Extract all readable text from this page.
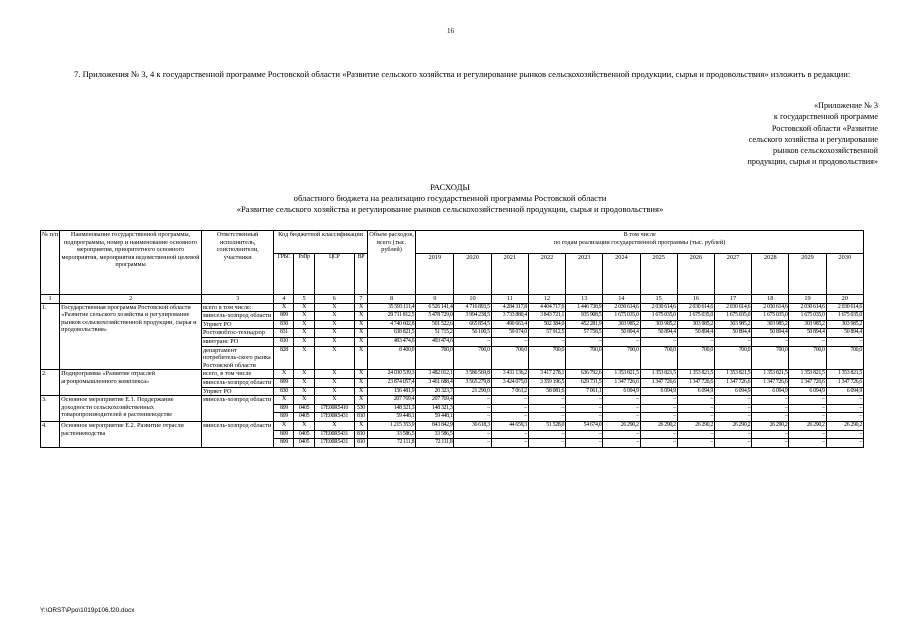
16
7. Приложения № 3, 4 к государственной программе Ростовской области «Развитие сельского хозяйства и регулирование рынков сельскохозяйственной продукции, сырья и продовольствия» изложить в редакции:
«Приложение № 3
к государственной программе
Ростовской области «Развитие
сельского хозяйства и регулирование
рынков сельскохозяйственной
продукции, сырья и продовольствия»
РАСХОДЫ
областного бюджета на реализацию государственной программы Ростовской области
«Развитие сельского хозяйства и регулирование рынков сельскохозяйственной продукции, сырья и продовольствия»
№ п/п	Наименование государственной программы, подпрограммы, номер и наименование основного мероприятия, приоритетного основного мероприятия, мероприятия ведомственной целевой программы	Ответственный исполнитель, соисполнители, участники	Код бюджетной классификации				Объем расходов, всего (тыс. рублей)	В том числе
по годам реализации государственной программы (тыс. рублей)											

			ГРБС	РзПр	ЦСР	ВР		2019	2020	2021	2022	2023	2024	2025	2026	2027	2028	2029	2030
1	2	3	4	5	6	7	8	9	10	11	12	13	14	15	16	17	18	19	20
1.	Государственная программа Ростовской области «Развитие сельского хозяйства и регулирование рынков сельскохозяйственной продукции, сырья и продовольствия»	всего в том числе:	X	X	X	X	35 593 111,4	6 526 141,4	4 716 893,5	4 284 317,8	4 404 717,6	1 446 738,9	2 030 614,6	2 030 614,6	2 030 614,6	2 030 614,6	2 030 614,6	2 030 614,6	2 030 614,6
		минсель-хозпрод области	809	X	X	X	29 711 812,5	5 478 729,0	3 994 238,5	3 733 880,4	3 843 721,1	935 908,5	1 675 035,0	1 675 035,0	1 675 035,0	1 675 035,0	1 675 035,0	1 675 035,0	1 675 035,0
		Упрвет РО	830	X	X	X	4 740 602,8	501 522,6	665 854,5	490 663,4	502 384,0	452 281,9	303 985,2	303 985,2	303 985,2	303 985,2	303 985,2	303 985,2	303 985,2
		Ростовобгос-технадзор	831	X	X	X	638 821,5	51 715,2	56 100,5	59 074,0	57 912,5	57 758,5	50 894,4	50 894,4	50 894,4	50 894,4	50 894,4	50 894,4	50 894,4
		минтранс РО	810	X	X	X	493 474,6	493 474,6	–	–	–	–	–	–	–	–	–	–	–
		департамент потребитель-ского рынка Ростовской области	828	X	X	X	8 400,0	700,0	700,0	700,0	700,0	700,0	700,0	700,0	700,0	700,0	700,0	700,0	700,0
2.	Подпрограмма «Развитие отраслей агропромышленного комплекса»	всего, в том числе	X	X	X	X	24 030 539,3	3 482 012,1	3 586 569,8	3 431 136,2	3 417 278,1	636 792,6	1 353 821,5	1 353 821,5	1 353 821,5	1 353 821,5	1 353 821,5	1 353 821,5	1 353 821,5
		минсель-хозпрод области	809	X	X	X	23 874 057,4	3 461 688,4	3 565 279,8	3 424 075,0	3 359 196,5	629 731,5	1 347 726,6	1 347 726,6	1 347 726,6	1 347 726,6	1 347 726,6	1 347 726,6	1 347 726,6
		Упрвет РО	830	X	X	X	156 481,9	20 323,7	21 290,0	7 061,2	58 081,6	7 061,1	6 094,9	6 094,9	6 094,9	6 094,9	6 094,9	6 094,9	6 094,9
3.	Основное мероприятие Е.1. Поддержание доходности сельскохозяйственных товаропроизводителей в растениеводстве	минсель-хозпрод области	X	X	X	X	207 769,4	207 769,4	–	–	–	–	–	–	–	–	–	–	–
			809	0405	17Е00R5410	530	148 321,3	148 321,3	–	–	–	–	–	–	–	–	–	–	–
			809	0405	17Е00R5431	810	59 448,1	59 448,1	–	–	–	–	–	–	–	–	–	–	–
4.	Основное мероприятие Е.2. Развитие отрасли растениеводства	минсель-хозпрод области	X	X	X	X	1 215 353,9	843 842,9	36 618,3	44 659,3	51 528,0	54 674,0	26 290,2	26 290,2	26 290,2	26 290,2	26 290,2	26 290,2	26 290,2
			809	0405	17Е00R5431	810	33 586,5	33 586,5	–	–	–	–	–	–	–	–	–	–	–
			809	0405	17Е00R5431	810	72 111,8	72 111,8	–	–	–	–	–	–	–	–	–	–	–
Y:\ORST\Ppo\1019p106.f20.docx
